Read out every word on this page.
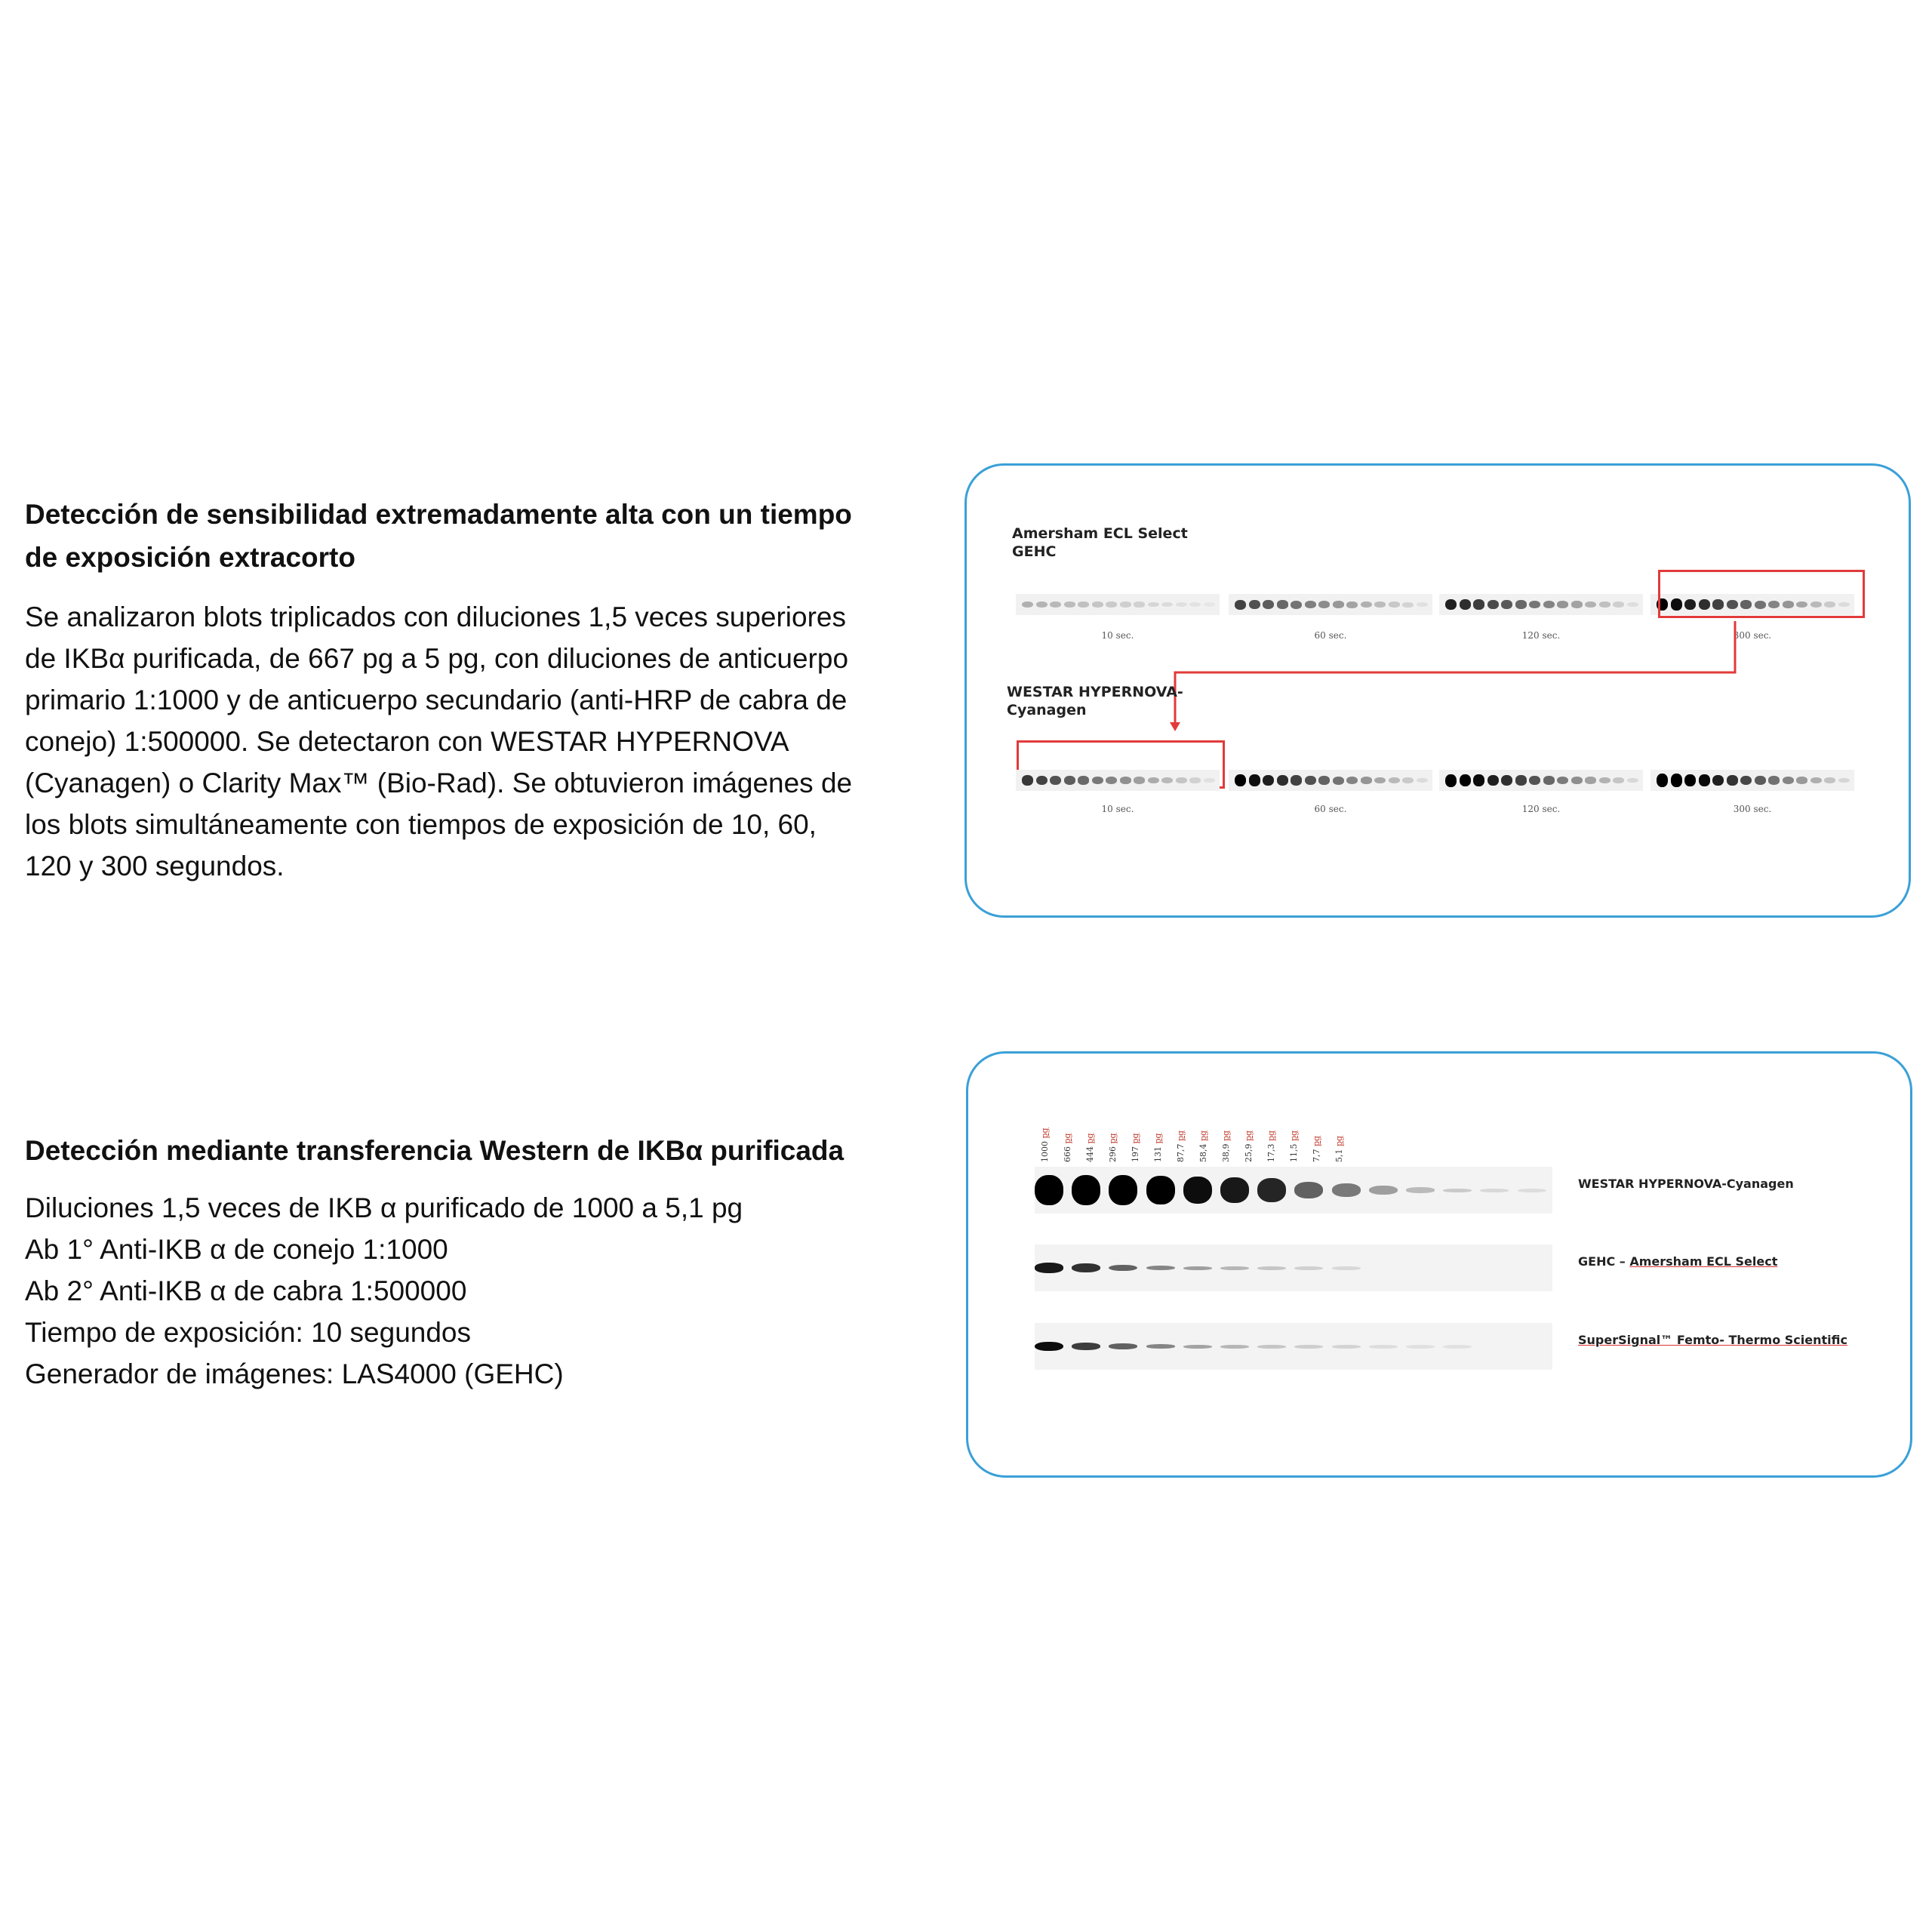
Detección de sensibilidad extremadamente alta con un tiempo
de exposición extracorto

Se analizaron blots triplicados con diluciones 1,5 veces superiores

de IKBα purificada, de 667 pg a 5 pg, con diluciones de anticuerpo

primario 1:1000 y de anticuerpo secundario (anti-HRP de cabra de

conejo) 1:500000. Se detectaron con WESTAR HYPERNOVA

(Cyanagen) o Clarity Max™ (Bio-Rad). Se obtuvieron imágenes de

los blots simultáneamente con tiempos de exposición de 10, 60,

120 y 300 segundos.

Detección mediante transferencia Western de IKBα purificada

Diluciones 1,5 veces de IKB α purificado de 1000 a 5,1 pg

Ab 1° Anti-IKB α de conejo 1:1000

Ab 2° Anti-IKB α de cabra 1:500000

Tiempo de exposición: 10 segundos

Generador de imágenes: LAS4000 (GEHC)

Amersham ECL Select
GEHC
10 sec.	60 sec.	120 sec.	300 sec.
WESTAR HYPERNOVA-
Cyanagen
10 sec.	60 sec.	120 sec.	300 sec.
1000 pg
666 pg
444 pg
296 pg
197 pg
131 pg
87,7 pg
58,4 pg
38,9 pg
25,9 pg
17,3 pg
11,5 pg
7,7 pg
5,1 pg
WESTAR HYPERNOVA-Cyanagen
GEHC – Amersham ECL Select
SuperSignal™ Femto- Thermo Scientific
